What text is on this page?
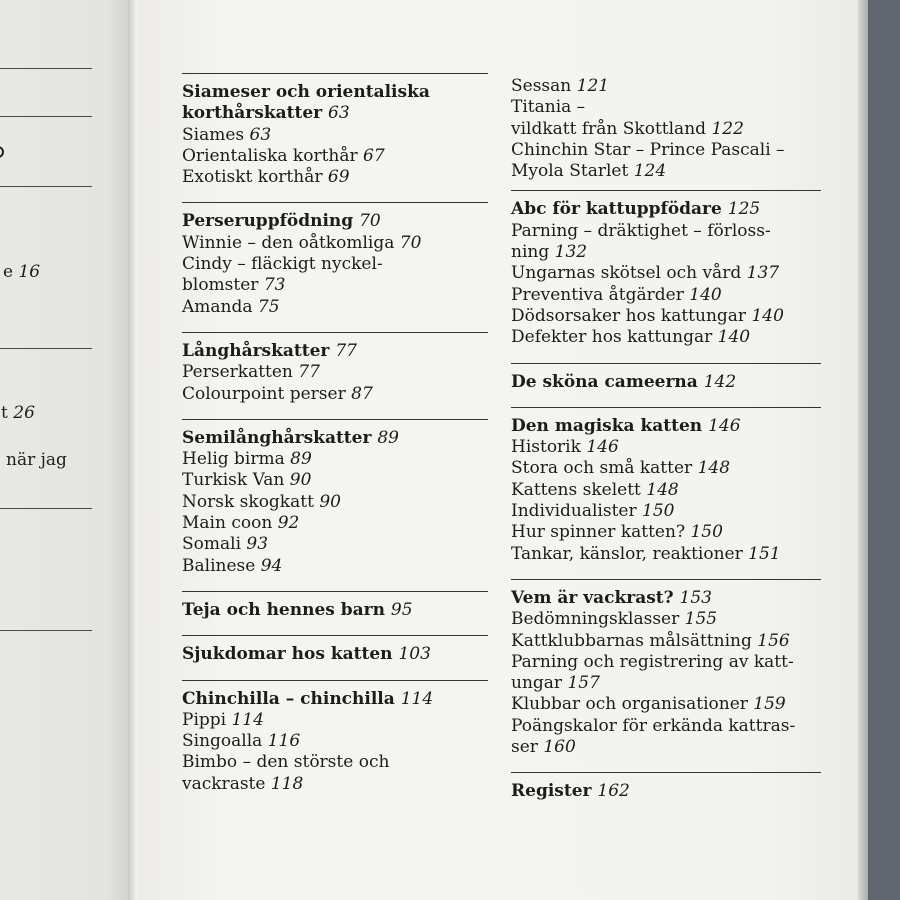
e 16
t 26
när jag
Siameser och orientaliska
korthårskatter 63
Siames 63
Orientaliska korthår 67
Exotiskt korthår 69
Perseruppfödning 70
Winnie – den oåtkomliga 70
Cindy – fläckigt nyckel-
blomster 73
Amanda 75
Långhårskatter 77
Perserkatten 77
Colourpoint perser 87
Semilånghårskatter 89
Helig birma 89
Turkisk Van 90
Norsk skogkatt 90
Main coon 92
Somali 93
Balinese 94
Teja och hennes barn 95
Sjukdomar hos katten 103
Chinchilla – chinchilla 114
Pippi 114
Singoalla 116
Bimbo – den störste och
vackraste 118
Sessan 121
Titania –
vildkatt från Skottland 122
Chinchin Star – Prince Pascali –
Myola Starlet 124
Abc för kattuppfödare 125
Parning – dräktighet – förloss-
ning 132
Ungarnas skötsel och vård 137
Preventiva åtgärder 140
Dödsorsaker hos kattungar 140
Defekter hos kattungar 140
De sköna cameerna 142
Den magiska katten 146
Historik 146
Stora och små katter 148
Kattens skelett 148
Individualister 150
Hur spinner katten? 150
Tankar, känslor, reaktioner 151
Vem är vackrast? 153
Bedömningsklasser 155
Kattklubbarnas målsättning 156
Parning och registrering av katt-
ungar 157
Klubbar och organisationer 159
Poängskalor för erkända kattras-
ser 160
Register 162
